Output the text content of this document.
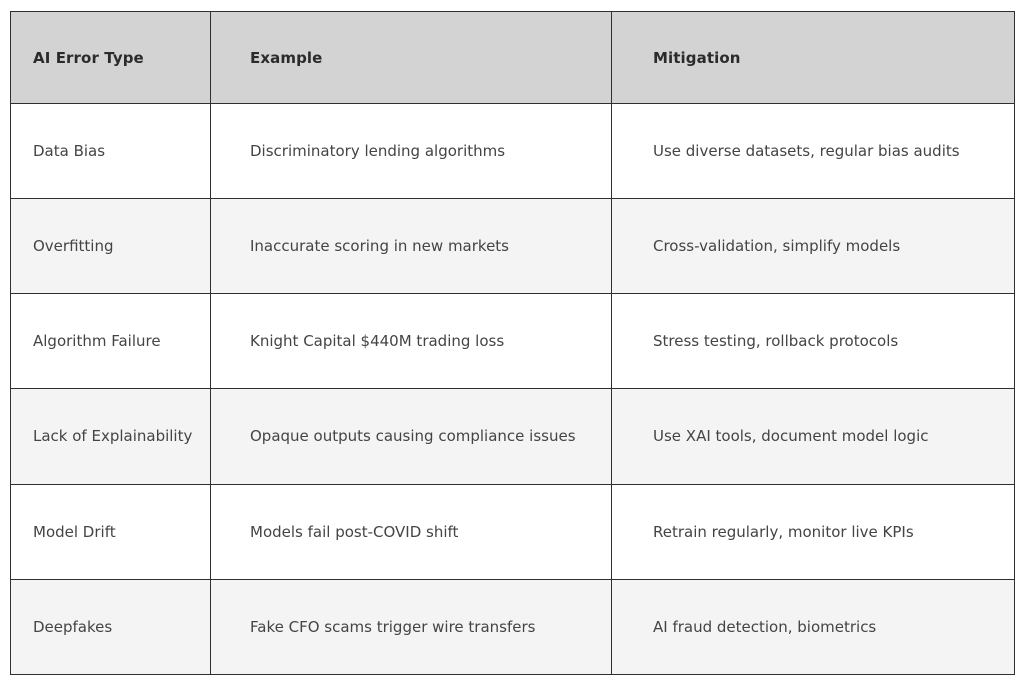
AI Error Type	Example	Mitigation

Data Bias	Discriminatory lending algorithms	Use diverse datasets, regular bias audits

Overfitting	Inaccurate scoring in new markets	Cross-validation, simplify models

Algorithm Failure	Knight Capital $440M trading loss	Stress testing, rollback protocols

Lack of Explainability	Opaque outputs causing compliance issues	Use XAI tools, document model logic

Model Drift	Models fail post-COVID shift	Retrain regularly, monitor live KPIs

Deepfakes	Fake CFO scams trigger wire transfers	AI fraud detection, biometrics
